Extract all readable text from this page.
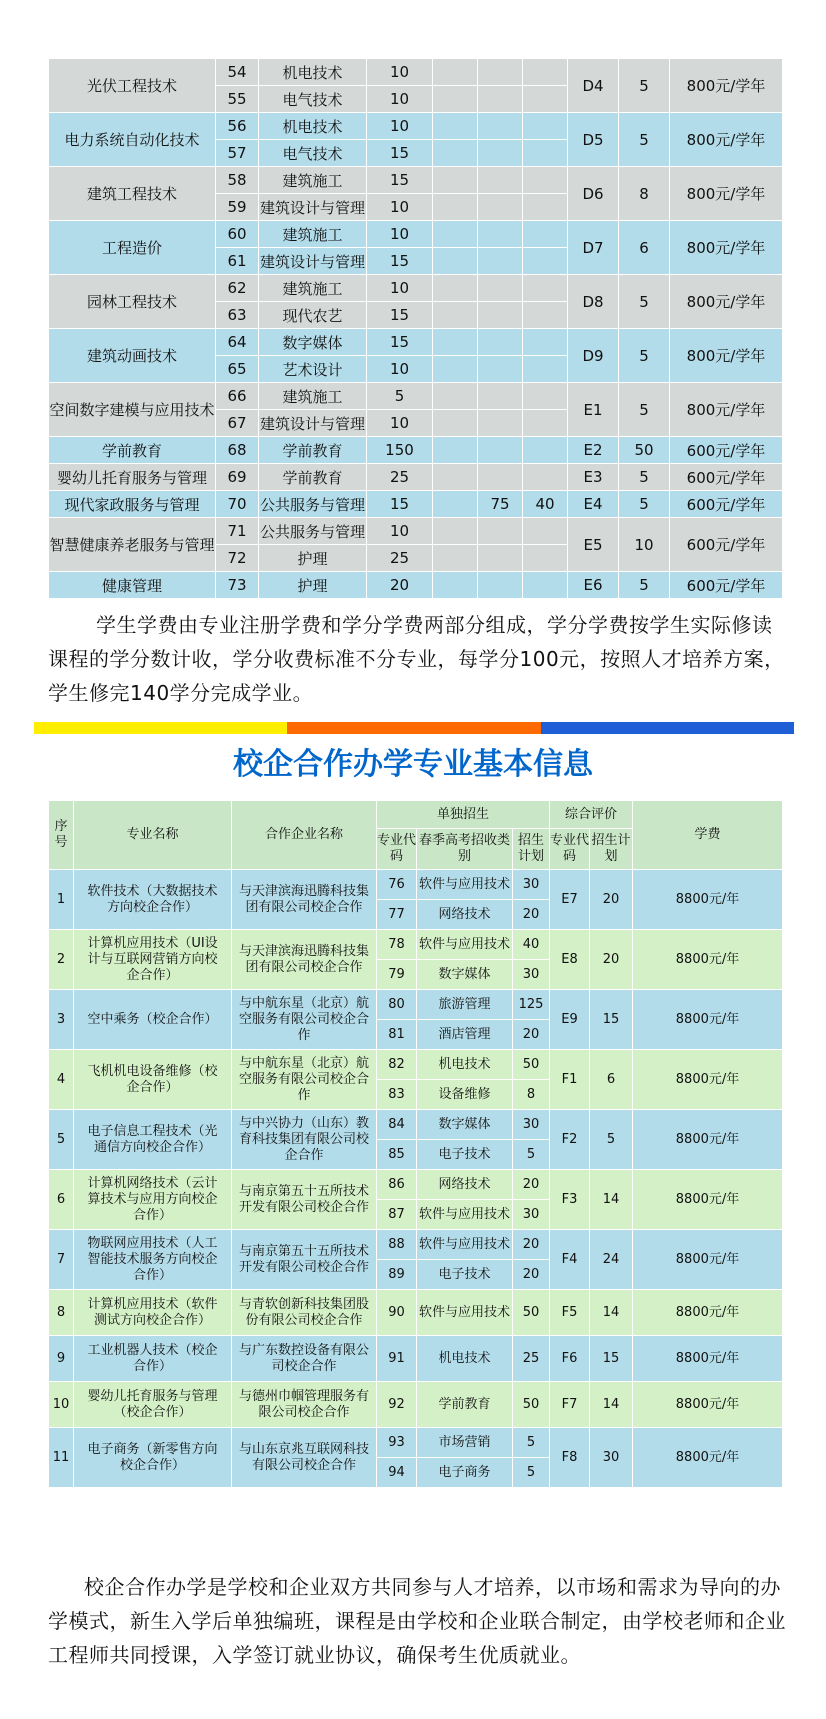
光伏工程技术	54	机电技术	10				D4	5	800元/学年
	55	电气技术	10						
电力系统自动化技术	56	机电技术	10				D5	5	800元/学年
	57	电气技术	15						
建筑工程技术	58	建筑施工	15				D6	8	800元/学年
	59	建筑设计与管理	10						
工程造价	60	建筑施工	10				D7	6	800元/学年
	61	建筑设计与管理	15						
园林工程技术	62	建筑施工	10				D8	5	800元/学年
	63	现代农艺	15						
建筑动画技术	64	数字媒体	15				D9	5	800元/学年
	65	艺术设计	10						
空间数字建模与应用技术	66	建筑施工	5				E1	5	800元/学年
	67	建筑设计与管理	10						
学前教育	68	学前教育	150				E2	50	600元/学年
婴幼儿托育服务与管理	69	学前教育	25				E3	5	600元/学年
现代家政服务与管理	70	公共服务与管理	15		75	40	E4	5	600元/学年
智慧健康养老服务与管理	71	公共服务与管理	10				E5	10	600元/学年
	72	护理	25						
健康管理	73	护理	20				E6	5	600元/学年

学生学费由专业注册学费和学分学费两部分组成，学分学费按学生实际修读课程的学分数计收，学分收费标准不分专业，每学分100元，按照人才培养方案，学生修完140学分完成学业。

校企合作办学专业基本信息
序号	专业名称	合作企业名称	单独招生			综合评价		学费
			专业代码	春季高考招收类别	招生计划	专业代码	招生计划	
1	软件技术（大数据技术方向校企合作）	与天津滨海迅腾科技集团有限公司校企合作	76	软件与应用技术	30	E7	20	8800元/年
			77	网络技术	20			
2	计算机应用技术（UI设计与互联网营销方向校企合作）	与天津滨海迅腾科技集团有限公司校企合作	78	软件与应用技术	40	E8	20	8800元/年
			79	数字媒体	30			
3	空中乘务（校企合作）	与中航东星（北京）航空服务有限公司校企合作	80	旅游管理	125	E9	15	8800元/年
			81	酒店管理	20			
4	飞机机电设备维修（校企合作）	与中航东星（北京）航空服务有限公司校企合作	82	机电技术	50	F1	6	8800元/年
			83	设备维修	8			
5	电子信息工程技术（光通信方向校企合作）	与中兴协力（山东）教育科技集团有限公司校企合作	84	数字媒体	30	F2	5	8800元/年
			85	电子技术	5			
6	计算机网络技术（云计算技术与应用方向校企合作）	与南京第五十五所技术开发有限公司校企合作	86	网络技术	20	F3	14	8800元/年
			87	软件与应用技术	30			
7	物联网应用技术（人工智能技术服务方向校企合作）	与南京第五十五所技术开发有限公司校企合作	88	软件与应用技术	20	F4	24	8800元/年
			89	电子技术	20			
8	计算机应用技术（软件测试方向校企合作）	与青软创新科技集团股份有限公司校企合作	90	软件与应用技术	50	F5	14	8800元/年
9	工业机器人技术（校企合作）	与广东数控设备有限公司校企合作	91	机电技术	25	F6	15	8800元/年
10	婴幼儿托育服务与管理（校企合作）	与德州巾帼管理服务有限公司校企合作	92	学前教育	50	F7	14	8800元/年
11	电子商务（新零售方向校企合作）	与山东京兆互联网科技有限公司校企合作	93	市场营销	5	F8	30	8800元/年
			94	电子商务	5			

校企合作办学是学校和企业双方共同参与人才培养，以市场和需求为导向的办学模式，新生入学后单独编班，课程是由学校和企业联合制定，由学校老师和企业工程师共同授课，入学签订就业协议，确保考生优质就业。
